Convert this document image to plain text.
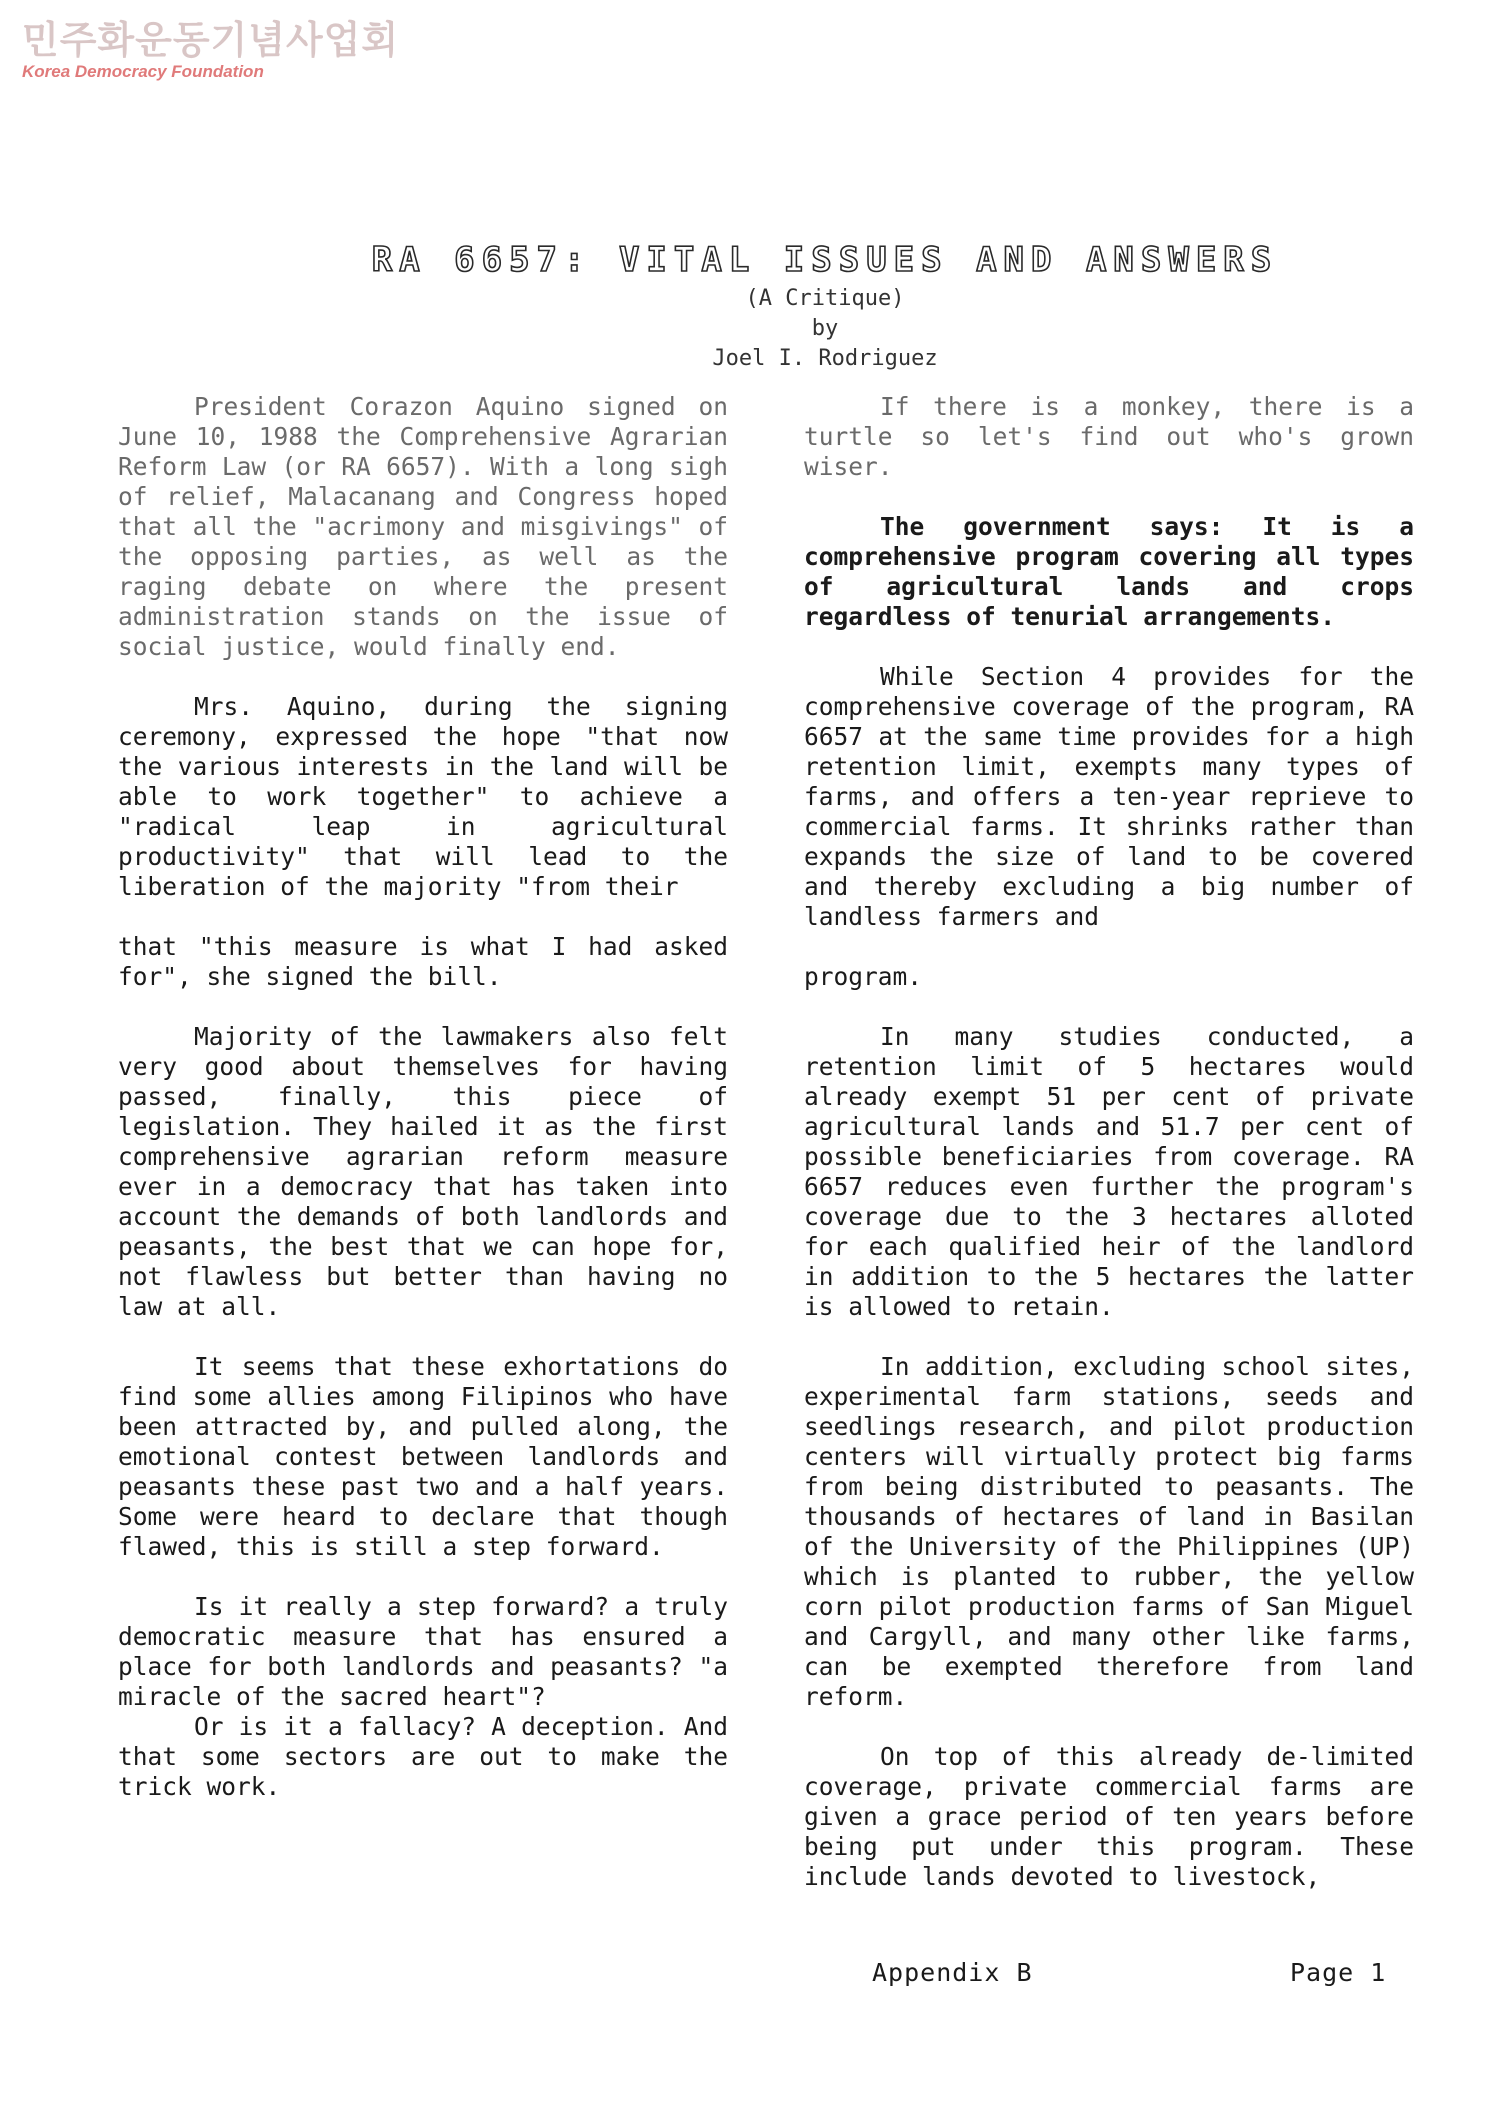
민주화운동기념사업회
Korea Democracy Foundation
RA 6657: VITAL ISSUES AND ANSWERS
(A Critique)
by
Joel I. Rodriguez

President Corazon Aquino signed on June 10, 1988 the Comprehensive Agrarian Reform Law (or RA 6657). With a long sigh of relief, Malacanang and Congress hoped that all the "acrimony and misgivings" of the opposing parties, as well as the raging debate on where the present administration stands on the issue of social justice, would finally end.

Mrs. Aquino, during the signing ceremony, expressed the hope "that now the various interests in the land will be able to work together" to achieve a "radical leap in agricultural productivity" that will lead to the liberation of the majority "from their

that "this measure is what I had asked for", she signed the bill.

Majority of the lawmakers also felt very good about themselves for having passed, finally, this piece of legislation. They hailed it as the first comprehensive agrarian reform measure ever in a democracy that has taken into account the demands of both landlords and peasants, the best that we can hope for, not flawless but better than having no law at all.

It seems that these exhortations do find some allies among Filipinos who have been attracted by, and pulled along, the emotional contest between landlords and peasants these past two and a half years. Some were heard to declare that though flawed, this is still a step forward.

Is it really a step forward? a truly democratic measure that has ensured a place for both landlords and peasants? "a miracle of the sacred heart"?

Or is it a fallacy? A deception. And that some sectors are out to make the trick work.

If there is a monkey, there is a turtle so let's find out who's grown wiser.

The government says: It is a comprehensive program covering all types of agricultural lands and crops regardless of tenurial arrangements.

While Section 4 provides for the comprehensive coverage of the program, RA 6657 at the same time provides for a high retention limit, exempts many types of farms, and offers a ten-year reprieve to commercial farms. It shrinks rather than expands the size of land to be covered and thereby excluding a big number of landless farmers and

program.

In many studies conducted, a retention limit of 5 hectares would already exempt 51 per cent of private agricultural lands and 51.7 per cent of possible beneficiaries from coverage. RA 6657 reduces even further the program's coverage due to the 3 hectares alloted for each qualified heir of the landlord in addition to the 5 hectares the latter is allowed to retain.

In addition, excluding school sites, experimental farm stations, seeds and seedlings research, and pilot production centers will virtually protect big farms from being distributed to peasants. The thousands of hectares of land in Basilan of the University of the Philippines (UP) which is planted to rubber, the yellow corn pilot production farms of San Miguel and Cargyll, and many other like farms, can be exempted therefore from land reform.

On top of this already de-limited coverage, private commercial farms are given a grace period of ten years before being put under this program. These include lands devoted to livestock,

Appendix B	Page 1
